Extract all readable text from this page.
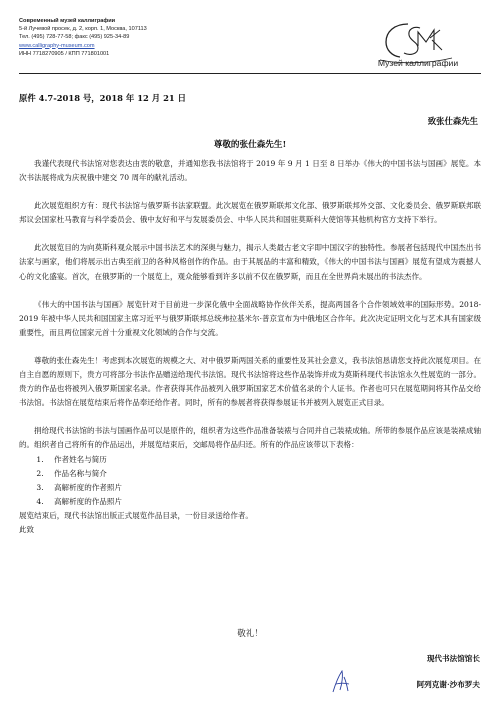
Современный музей каллиграфии
5-й Лучевой просек, д. 2, корп. 1, Москва, 107113
Тел. (495) 728-77-58; факс (495) 925-34-89
www.calligraphy-museum.com
ИНН 7718270905 / КПП 771801001
Музей каллиграфии
原件 4.7-2018 号，2018 年 12 月 21 日
致张仕森先生
尊敬的张仕森先生!

我谨代表现代书法馆对您表达由衷的敬意，并通知您我书法馆将于 2019 年 9 月 1 日至 8 日举办《伟大的中国书法与国画》展览。本次书法展将成为庆祝俄中建交 70 周年的献礼活动。

此次展览组织方有：现代书法馆与俄罗斯书法家联盟。此次展览在俄罗斯联邦文化部、俄罗斯联邦外交部、文化委员会、俄罗斯联邦联邦议会国家杜马教育与科学委员会、俄中友好和平与发展委员会、中华人民共和国驻莫斯科大使馆等其他机构官方支持下举行。

此次展览目的为向莫斯科观众展示中国书法艺术的深奥与魅力，揭示人类最古老文字即中国汉字的独特性。参展者包括现代中国杰出书法家与画家，他们将展示出古典至前卫的各种风格创作的作品。由于其展品的丰富和精致，《伟大的中国书法与国画》展览有望成为震撼人心的文化盛宴。首次，在俄罗斯的一个展览上，观众能够看到许多以前不仅在俄罗斯，而且在全世界尚未展出的书法杰作。

《伟大的中国书法与国画》展览针对于目前进一步深化俄中全面战略协作伙伴关系，提高两国各个合作领域效率的国际形势。2018-2019 年被中华人民共和国国家主席习近平与俄罗斯联邦总统弗拉基米尔·普京宣布为中俄地区合作年。此次决定证明文化与艺术具有国家级重要性，而且两位国家元首十分重视文化领域的合作与交流。

尊敬的张仕森先生！考虑到本次展览的规模之大、对中俄罗斯两国关系的重要性及其社会意义，我书法馆恳请您支持此次展览项目。在自主自愿的原则下，贵方可将部分书法作品赠送给现代书法馆。现代书法馆将这些作品装饰并成为莫斯科现代书法馆永久性展览的一部分。贵方的作品也将被列入俄罗斯国家名录。作者获得其作品被列入俄罗斯国家艺术价值名录的个人证书。作者也可只在展览期间将其作品交给书法馆。书法馆在展览结束后将作品奉还给作者。同时，所有的参展者将获得参展证书并被列入展览正式目录。

捐给现代书法馆的书法与国画作品可以是原件的，组织者为这些作品准备装裱与合同并自己装裱成轴。所带的参展作品应该是装裱成轴的。组织者自己将所有的作品运出，并展览结束后，交邮局将作品归还。所有的作品应该带以下表格：

1. 作者姓名与简历
2. 作品名称与简介
3. 高解析度的作者照片
4. 高解析度的作品照片

展览结束后，现代书法馆出版正式展览作品目录，一份目录送给作者。

此致

敬礼！
现代书法馆馆长
阿列克谢·沙布罗夫
